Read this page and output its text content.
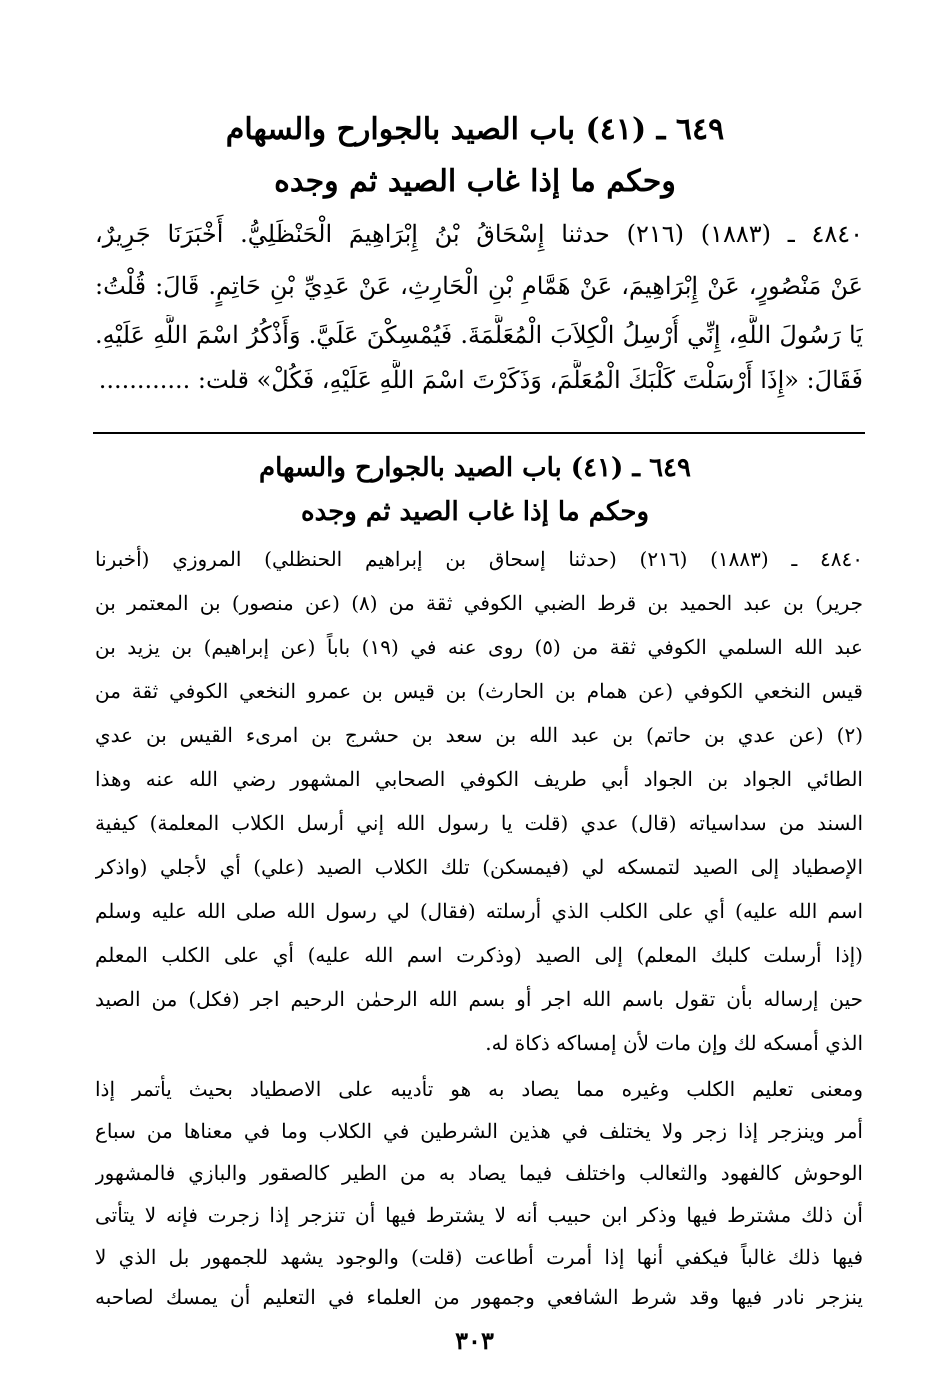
٦٤٩ ـ (٤١) باب الصيد بالجوارح والسهام
وحكم ما إذا غاب الصيد ثم وجده
٤٨٤٠ ـ (١٨٨٣) (٢١٦) حدثنا إِسْحَاقُ بْنُ إِبْرَاهِيمَ الْحَنْظَلِيُّ. أَخْبَرَنَا جَرِيرٌ،
عَنْ مَنْصُورٍ، عَنْ إِبْرَاهِيمَ، عَنْ هَمَّامِ بْنِ الْحَارِثِ، عَنْ عَدِيِّ بْنِ حَاتِمٍ. قَالَ: قُلْتُ:
يَا رَسُولَ اللَّهِ، إِنِّي أُرْسِلُ الْكِلاَبَ الْمُعَلَّمَةَ. فَيُمْسِكْنَ عَلَيَّ. وَأَذْكُرُ اسْمَ اللَّهِ عَلَيْهِ.
فَقَالَ: «إِذَا أَرْسَلْتَ كَلْبَكَ الْمُعَلَّمَ، وَذَكَرْتَ اسْمَ اللَّهِ عَلَيْهِ، فَكُلْ» قلت: ............
٦٤٩ ـ (٤١) باب الصيد بالجوارح والسهام
وحكم ما إذا غاب الصيد ثم وجده
٤٨٤٠ ـ (١٨٨٣) (٢١٦) (حدثنا إسحاق بن إبراهيم الحنظلي) المروزي (أخبرنا
جرير) بن عبد الحميد بن قرط الضبي الكوفي ثقة من (٨) (عن منصور) بن المعتمر بن
عبد الله السلمي الكوفي ثقة من (٥) روى عنه في (١٩) باباً (عن إبراهيم) بن يزيد بن
قيس النخعي الكوفي (عن همام بن الحارث) بن قيس بن عمرو النخعي الكوفي ثقة من
(٢) (عن عدي بن حاتم) بن عبد الله بن سعد بن حشرج بن امرىء القيس بن عدي
الطائي الجواد بن الجواد أبي طريف الكوفي الصحابي المشهور رضي الله عنه وهذا
السند من سداسياته (قال) عدي (قلت يا رسول الله إني أرسل الكلاب المعلمة) كيفية
الإصطياد إلى الصيد لتمسكه لي (فيمسكن) تلك الكلاب الصيد (علي) أي لأجلي (واذكر
اسم الله عليه) أي على الكلب الذي أرسلته (فقال) لي رسول الله صلى الله عليه وسلم
(إذا أرسلت كلبك المعلم) إلى الصيد (وذكرت اسم الله عليه) أي على الكلب المعلم
حين إرساله بأن تقول باسم الله اجر أو بسم الله الرحمٰن الرحيم اجر (فكل) من الصيد
الذي أمسكه لك وإن مات لأن إمساكه ذكاة له.
ومعنى تعليم الكلب وغيره مما يصاد به هو تأديبه على الاصطياد بحيث يأتمر إذا
أمر وينزجر إذا زجر ولا يختلف في هذين الشرطين في الكلاب وما في معناها من سباع
الوحوش كالفهود والثعالب واختلف فيما يصاد به من الطير كالصقور والبازي فالمشهور
أن ذلك مشترط فيها وذكر ابن حبيب أنه لا يشترط فيها أن تنزجر إذا زجرت فإنه لا يتأتى
فيها ذلك غالباً فيكفي أنها إذا أمرت أطاعت (قلت) والوجود يشهد للجمهور بل الذي لا
٣٠٣
ينزجر نادر فيها وقد شرط الشافعي وجمهور من العلماء في التعليم أن يمسك لصاحبه
